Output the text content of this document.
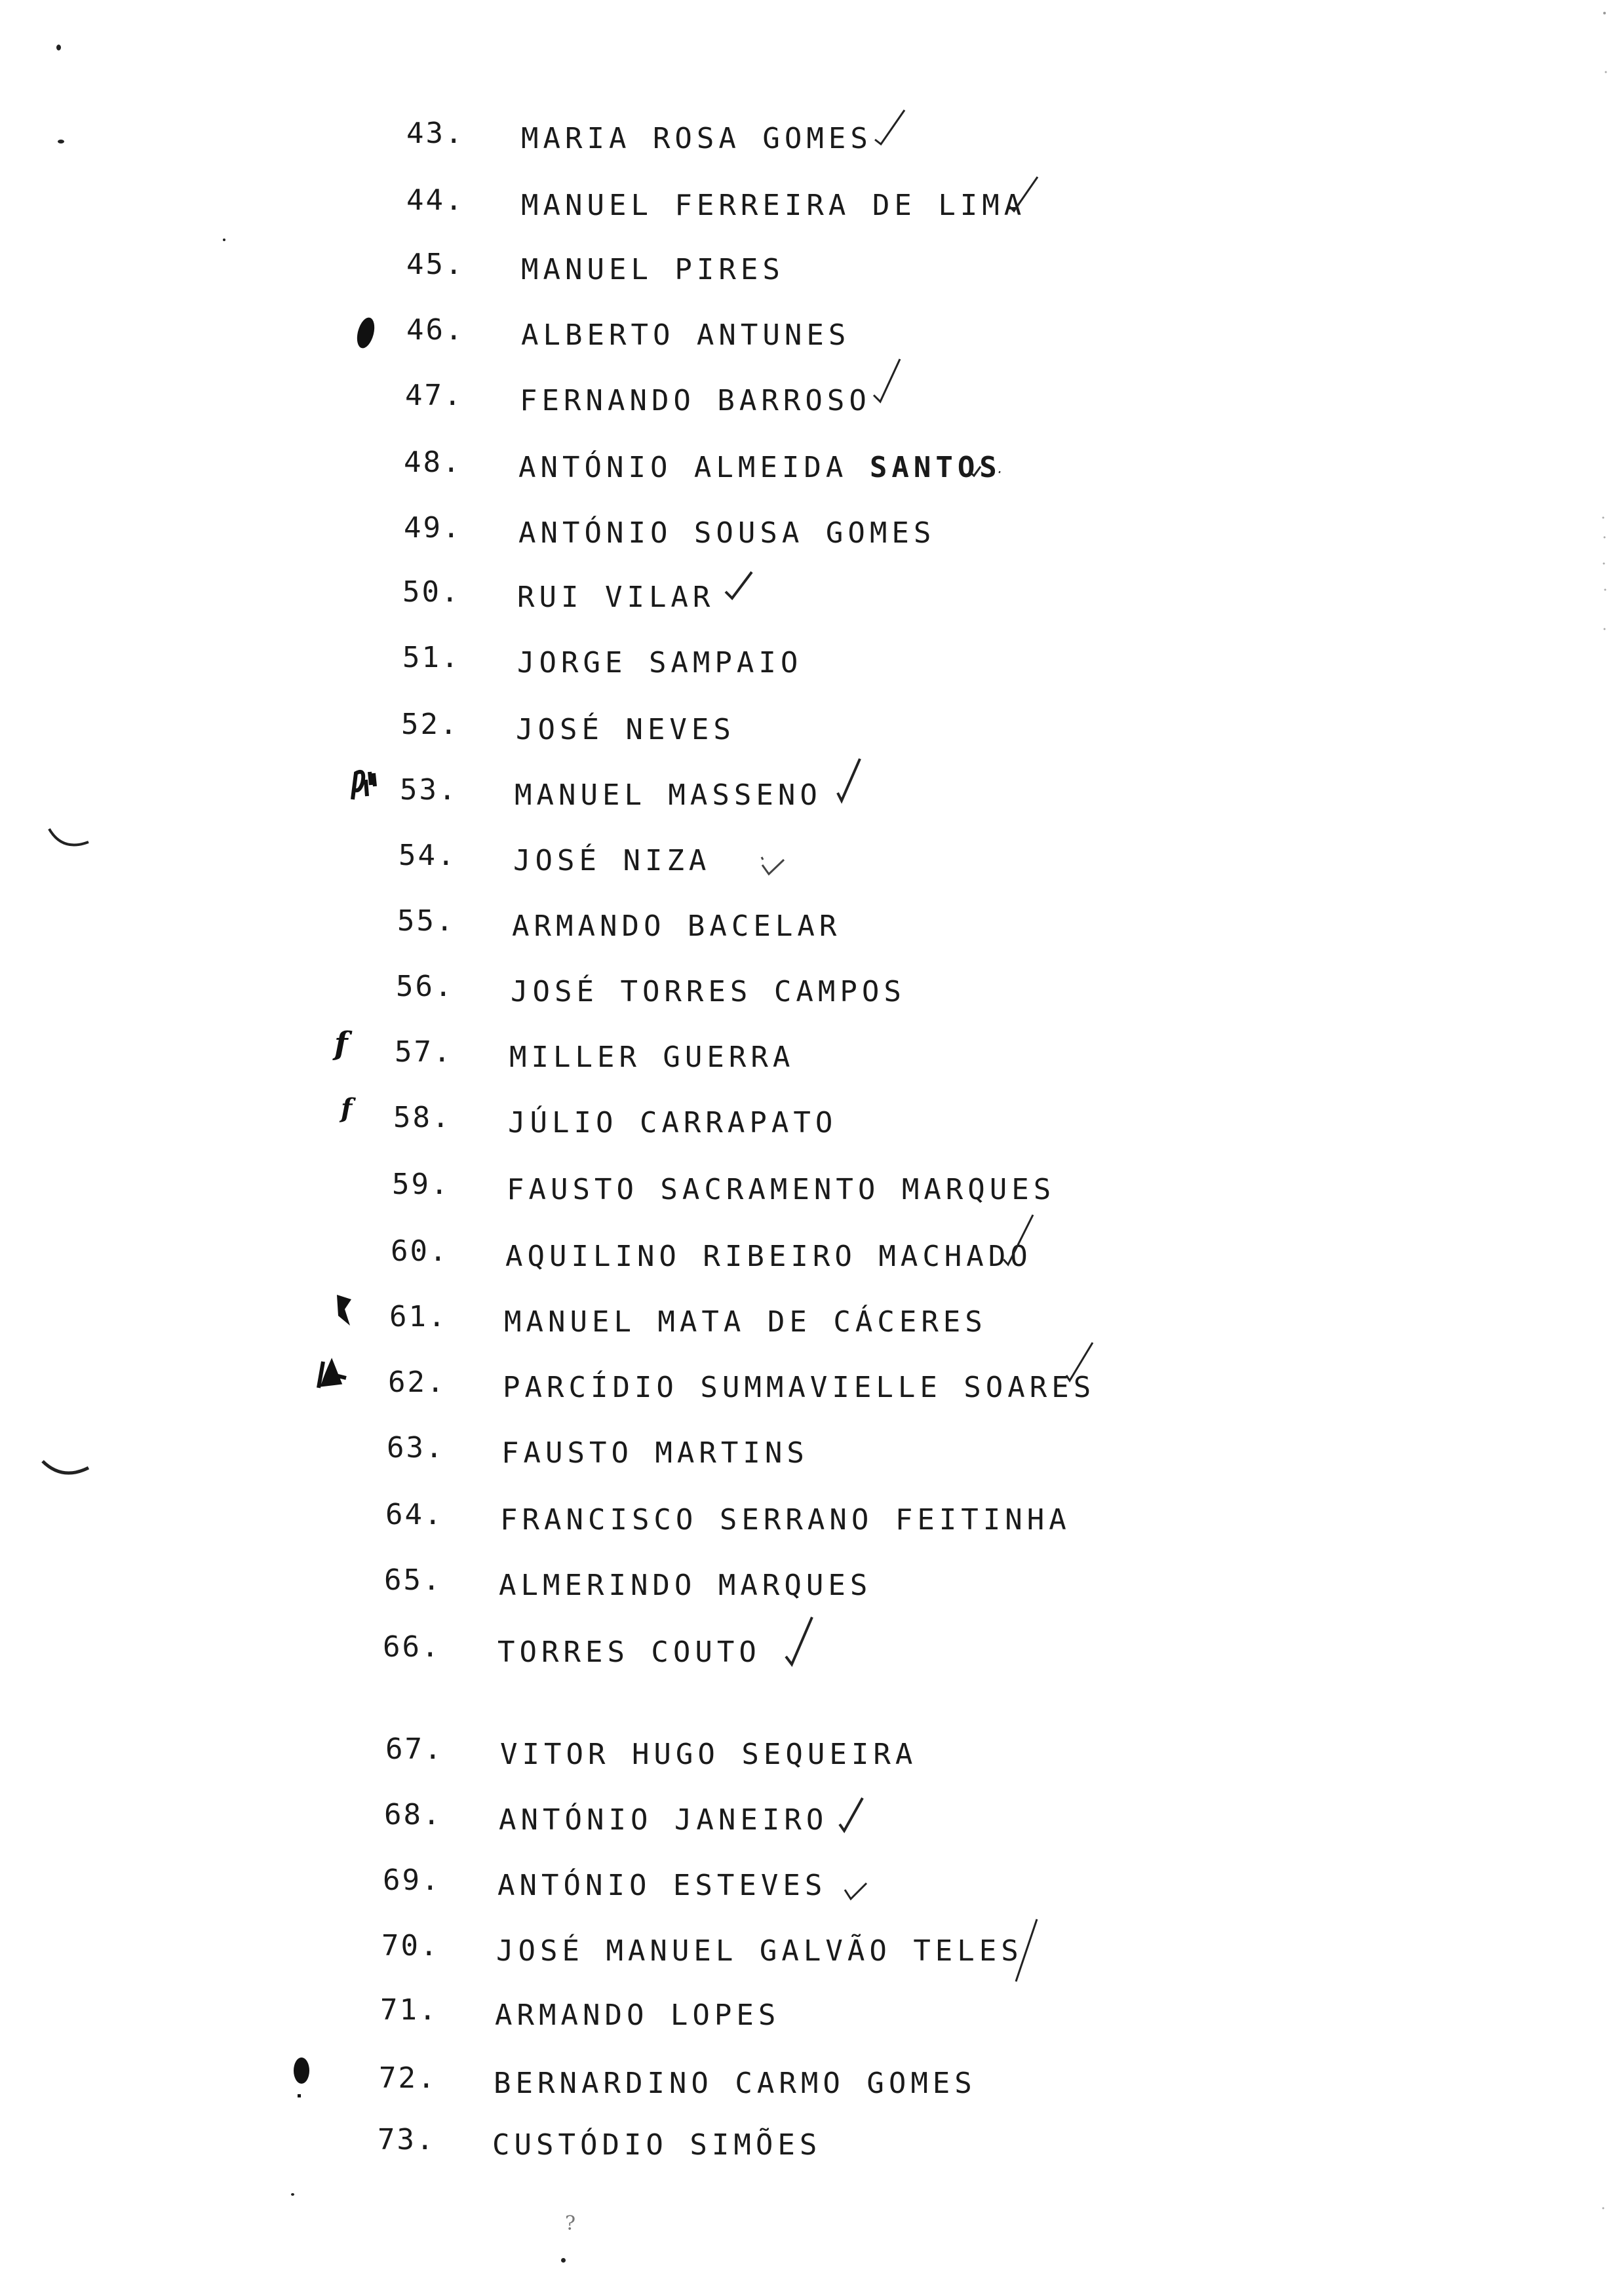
f
f
43. MARIA ROSA GOMES
44. MANUEL FERREIRA DE LIMA
45. MANUEL PIRES
46. ALBERTO ANTUNES
47. FERNANDO BARROSO
48. ANTÓNIO ALMEIDA SANTOS
49. ANTÓNIO SOUSA GOMES
50. RUI VILAR
51. JORGE SAMPAIO
52. JOSÉ NEVES
53. MANUEL MASSENO
54. JOSÉ NIZA
55. ARMANDO BACELAR
56. JOSÉ TORRES CAMPOS
57. MILLER GUERRA
58. JÚLIO CARRAPATO
59. FAUSTO SACRAMENTO MARQUES
60. AQUILINO RIBEIRO MACHADO
61. MANUEL MATA DE CÁCERES
62. PARCÍDIO SUMMAVIELLE SOARES
63. FAUSTO MARTINS
64. FRANCISCO SERRANO FEITINHA
65. ALMERINDO MARQUES
66. TORRES COUTO
67. VITOR HUGO SEQUEIRA
68. ANTÓNIO JANEIRO
69. ANTÓNIO ESTEVES
70. JOSÉ MANUEL GALVÃO TELES
71. ARMANDO LOPES
72. BERNARDINO CARMO GOMES
73. CUSTÓDIO SIMÕES
?
